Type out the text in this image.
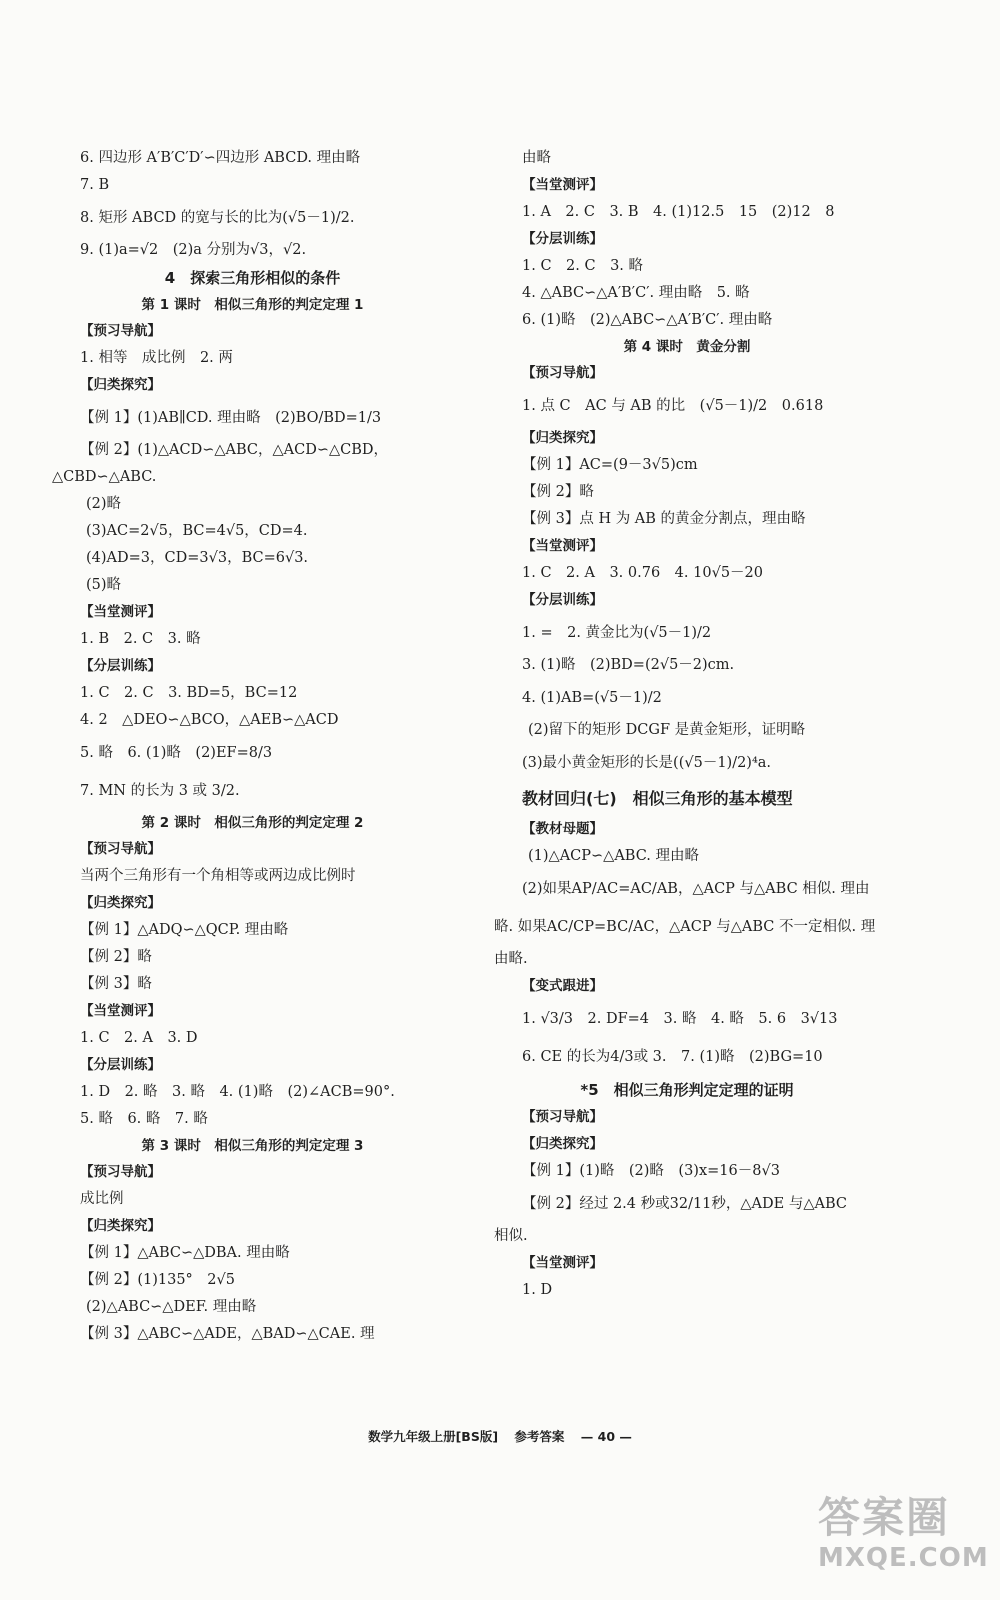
6. 四边形 A′B′C′D′∽四边形 ABCD. 理由略
7. B
8. 矩形 ABCD 的宽与长的比为(√5－1)/2.
9. (1)a=√2　(2)a 分别为√3，√2.
4　探索三角形相似的条件
第 1 课时　相似三角形的判定定理 1
【预习导航】
1. 相等　成比例　2. 两
【归类探究】
【例 1】(1)AB∥CD. 理由略　(2)BO/BD=1/3
【例 2】(1)△ACD∽△ABC，△ACD∽△CBD，
△CBD∽△ABC.
(2)略
(3)AC=2√5，BC=4√5，CD=4.
(4)AD=3，CD=3√3，BC=6√3.
(5)略
【当堂测评】
1. B　2. C　3. 略
【分层训练】
1. C　2. C　3. BD=5，BC=12
4. 2　△DEO∽△BCO，△AEB∽△ACD
5. 略　6. (1)略　(2)EF=8/3
7. MN 的长为 3 或 3/2.
第 2 课时　相似三角形的判定定理 2
【预习导航】
当两个三角形有一个角相等或两边成比例时
【归类探究】
【例 1】△ADQ∽△QCP. 理由略
【例 2】略
【例 3】略
【当堂测评】
1. C　2. A　3. D
【分层训练】
1. D　2. 略　3. 略　4. (1)略　(2)∠ACB=90°.
5. 略　6. 略　7. 略
第 3 课时　相似三角形的判定定理 3
【预习导航】
成比例
【归类探究】
【例 1】△ABC∽△DBA. 理由略
【例 2】(1)135°　2√5
(2)△ABC∽△DEF. 理由略
【例 3】△ABC∽△ADE，△BAD∽△CAE. 理
由略
【当堂测评】
1. A　2. C　3. B　4. (1)12.5　15　(2)12　8
【分层训练】
1. C　2. C　3. 略
4. △ABC∽△A′B′C′. 理由略　5. 略
6. (1)略　(2)△ABC∽△A′B′C′. 理由略
第 4 课时　黄金分割
【预习导航】
1. 点 C　AC 与 AB 的比　(√5－1)/2　0.618
【归类探究】
【例 1】AC=(9－3√5)cm
【例 2】略
【例 3】点 H 为 AB 的黄金分割点，理由略
【当堂测评】
1. C　2. A　3. 0.76　4. 10√5－20
【分层训练】
1. =　2. 黄金比为(√5－1)/2
3. (1)略　(2)BD=(2√5－2)cm.
4. (1)AB=(√5－1)/2
(2)留下的矩形 DCGF 是黄金矩形，证明略
(3)最小黄金矩形的长是((√5－1)/2)⁴a.
教材回归(七)　相似三角形的基本模型
【教材母题】
(1)△ACP∽△ABC. 理由略
(2)如果AP/AC=AC/AB，△ACP 与△ABC 相似. 理由
略. 如果AC/CP=BC/AC，△ACP 与△ABC 不一定相似. 理
由略.
【变式跟进】
1. √3/3　2. DF=4　3. 略　4. 略　5. 6　3√13
6. CE 的长为4/3或 3.　7. (1)略　(2)BG=10
*5　相似三角形判定定理的证明
【预习导航】
【归类探究】
【例 1】(1)略　(2)略　(3)x=16－8√3
【例 2】经过 2.4 秒或32/11秒，△ADE 与△ABC
相似.
【当堂测评】
1. D
数学九年级上册[BS版] 参考答案 — 40 —
答案圈
MXQE.COM
